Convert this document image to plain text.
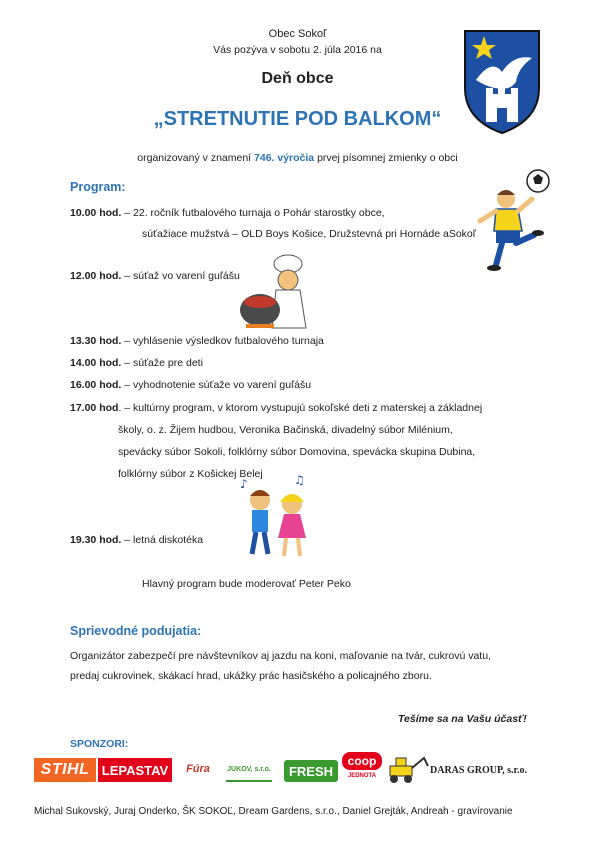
Obec Sokoľ
Vás pozýva v sobotu 2. júla 2016 na
Deň obce
„STRETNUTIE POD BALKOM“
organizovaný v znamení 746. výročia prvej písomnej zmienky o obci
Program:
10.00 hod. – 22. ročník futbalového turnaja o Pohár starostky obce,
súťažiace mužstvá – OLD Boys Košice, Družstevná pri Hornáde aSokoľ
12.00 hod. – súťaž vo varení guľášu
13.30 hod. – vyhlásenie výsledkov futbalového turnaja
14.00 hod. – súťaže pre deti
16.00 hod. – vyhodnotenie súťaže vo varení guľášu
17.00 hod. – kultúrny program, v ktorom vystupujú sokoľské deti z materskej a základnej
školy, o. z. Žijem hudbou, Veronika Bačinská, divadelný súbor Milénium,
spevácky súbor Sokoli, folklórny súbor Domovina, spevácka skupina Dubina,
folklórny súbor z Košickej Belej
19.30 hod. – letná diskotéka
Hlavný program bude moderovať Peter Peko
♪	♫
Sprievodné podujatia:
Organizátor zabezpečí pre návštevníkov aj jazdu na koni, maľovanie na tvár, cukrovú vatu,
predaj cukrovinek, skákací hrad, ukážky prác hasičského a policajného zboru.
Tešíme sa na Vašu účasť!
SPONZORI:
STIHL LEPASTAV	Fúra	JUKOV, s.r.o.	FRESH
coop
JEDNOTA	DARAS GROUP, s.r.o.
Michal Sukovský, Juraj Onderko, ŠK SOKOĽ, Dream Gardens, s.r.o., Daniel Grejták, Andreah - gravírovanie
